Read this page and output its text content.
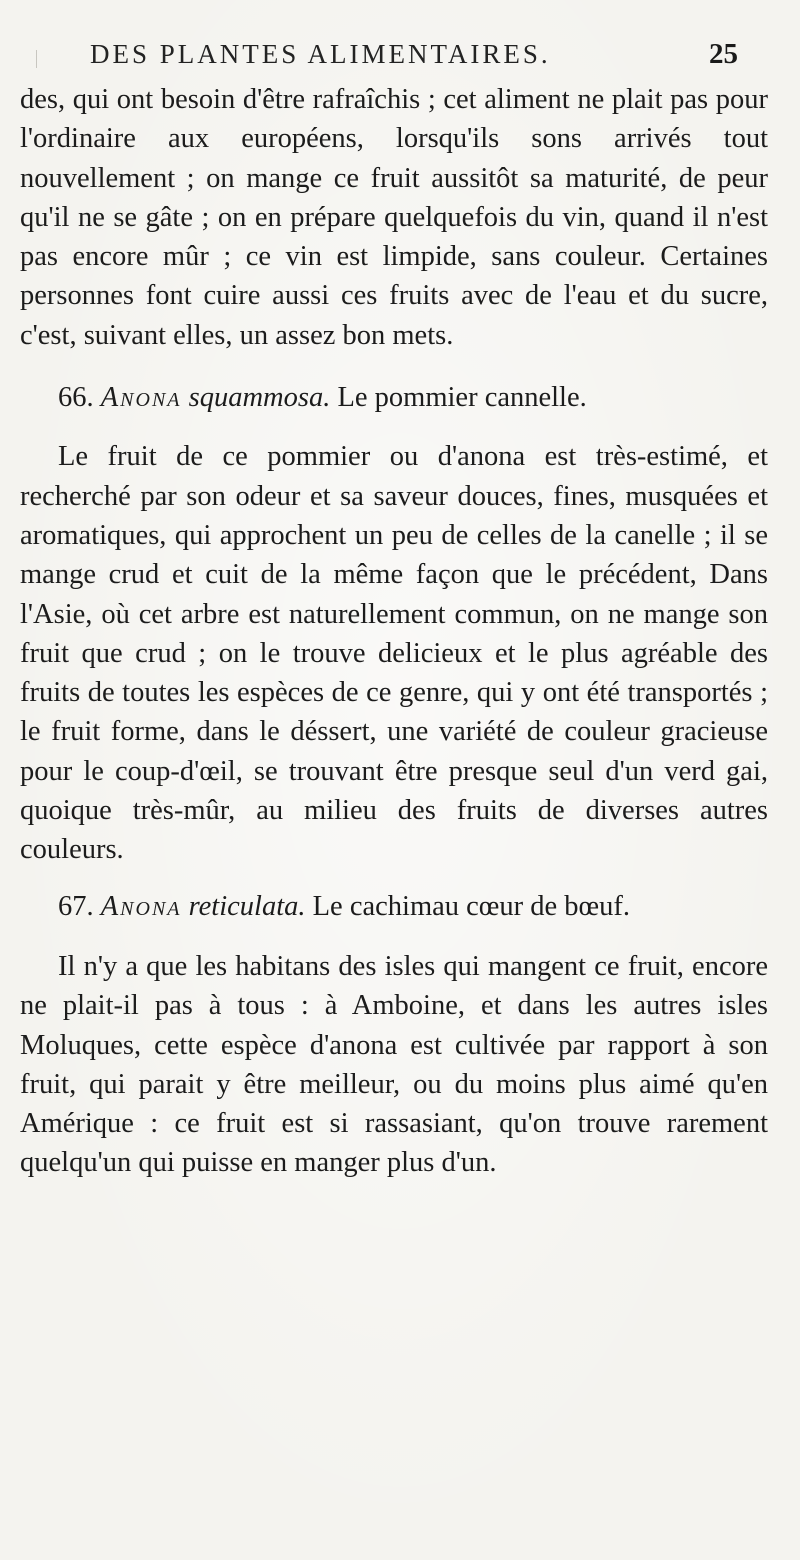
DES PLANTES ALIMENTAIRES.	25

des, qui ont besoin d'être rafraîchis ; cet aliment ne plait pas pour l'ordinaire aux européens, lorsqu'ils sons arrivés tout nouvellement ; on mange ce fruit aussitôt sa maturité, de peur qu'il ne se gâte ; on en prépare quelquefois du vin, quand il n'est pas encore mûr ; ce vin est limpide, sans couleur. Certaines personnes font cuire aussi ces fruits avec de l'eau et du sucre, c'est, suivant elles, un assez bon mets.

66. Anona squammosa. Le pommier cannelle.

Le fruit de ce pommier ou d'anona est très-estimé, et recherché par son odeur et sa saveur douces, fines, musquées et aromatiques, qui approchent un peu de celles de la canelle ; il se mange crud et cuit de la même façon que le précédent, Dans l'Asie, où cet arbre est naturellement commun, on ne mange son fruit que crud ; on le trouve delicieux et le plus agréable des fruits de toutes les espèces de ce genre, qui y ont été transportés ; le fruit forme, dans le déssert, une variété de couleur gracieuse pour le coup-d'œil, se trouvant être presque seul d'un verd gai, quoique très-mûr, au milieu des fruits de diverses autres couleurs.

67. Anona reticulata. Le cachimau cœur de bœuf.

Il n'y a que les habitans des isles qui mangent ce fruit, encore ne plait-il pas à tous : à Amboine, et dans les autres isles Moluques, cette espèce d'anona est cultivée par rapport à son fruit, qui parait y être meilleur, ou du moins plus aimé qu'en Amérique : ce fruit est si rassasiant, qu'on trouve rarement quelqu'un qui puisse en manger plus d'un.
